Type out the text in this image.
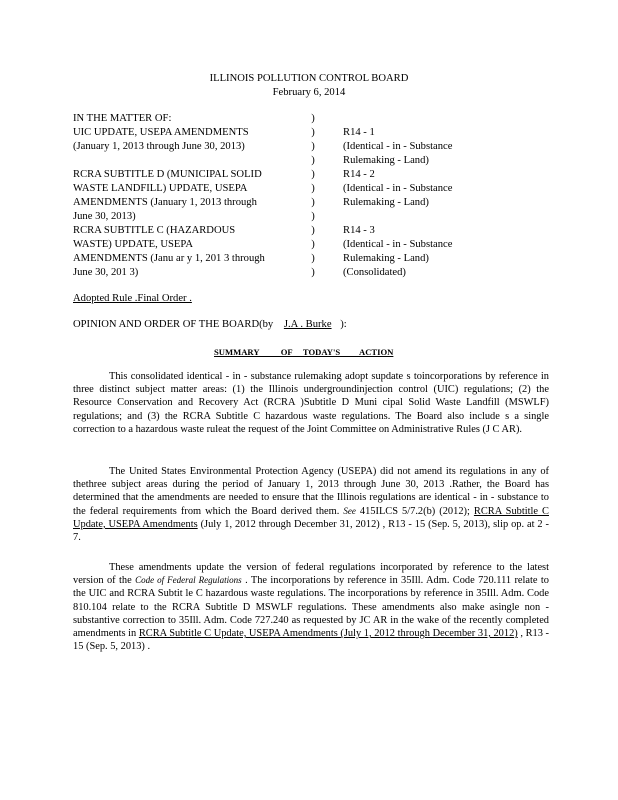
ILLINOIS POLLUTION CONTROL BOARD
February 6, 2014
IN THE MATTER OF:
UIC UPDATE, USEPA AMENDMENTS
(January 1, 2013 through June 30, 2013)
RCRA SUBTITLE D (MUNICIPAL SOLID
WASTE LANDFILL) UPDATE, USEPA
AMENDMENTS (January 1, 2013 through
June 30, 2013)
RCRA SUBTITLE C (HAZARDOUS
WASTE) UPDATE, USEPA
AMENDMENTS (Janu ar y 1, 201 3 through
June 30, 201 3)
)
)
)
)
)
)
)
)
)
)
)
)
R14 - 1
(Identical - in - Substance
Rulemaking - Land)
R14 - 2
(Identical - in - Substance
Rulemaking - Land)
R14 - 3
(Identical - in - Substance
Rulemaking - Land)
(Consolidated)
Adopted Rule .Final Order .
OPINION AND ORDER OF THE BOARD(by J.A . Burke ):
SUMMARY          OF     TODAY'S         ACTION

This consolidated identical - in - substance rulemaking adopt supdate s toincorporations by reference in three distinct subject matter areas: (1) the Illinois undergroundinjection control (UIC) regulations; (2) the Resource Conservation and Recovery Act (RCRA )Subtitle D Muni cipal Solid Waste Landfill (MSWLF) regulations; and (3) the RCRA Subtitle C hazardous waste regulations. The Board also include s a single correction to a hazardous waste ruleat the request of the Joint Committee on Administrative Rules (J C AR).

The United States Environmental Protection Agency (USEPA) did not amend its regulations in any of thethree subject areas during the period of January 1, 2013 through June 30, 2013 .Rather, the Board has determined that the amendments are needed to ensure that the Illinois regulations are identical - in - substance to the federal requirements from which the Board derived them. See 415ILCS 5/7.2(b) (2012); RCRA Subtitle C Update, USEPA Amendments (July 1, 2012 through December 31, 2012) , R13 - 15 (Sep. 5, 2013), slip op. at 2 - 7.

These amendments update the version of federal regulations incorporated by reference to the latest version of the Code of Federal Regulations . The incorporations by reference in 35Ill. Adm. Code 720.111 relate to the UIC and RCRA Subtit le C hazardous waste regulations. The incorporations by reference in 35Ill. Adm. Code 810.104 relate to the RCRA Subtitle D MSWLF regulations. These amendments also make asingle non - substantive correction to 35Ill. Adm. Code 727.240 as requested by JC AR in the wake of the recently completed amendments in RCRA Subtitle C Update, USEPA Amendments (July 1, 2012 through December 31, 2012) , R13 - 15 (Sep. 5, 2013) .
